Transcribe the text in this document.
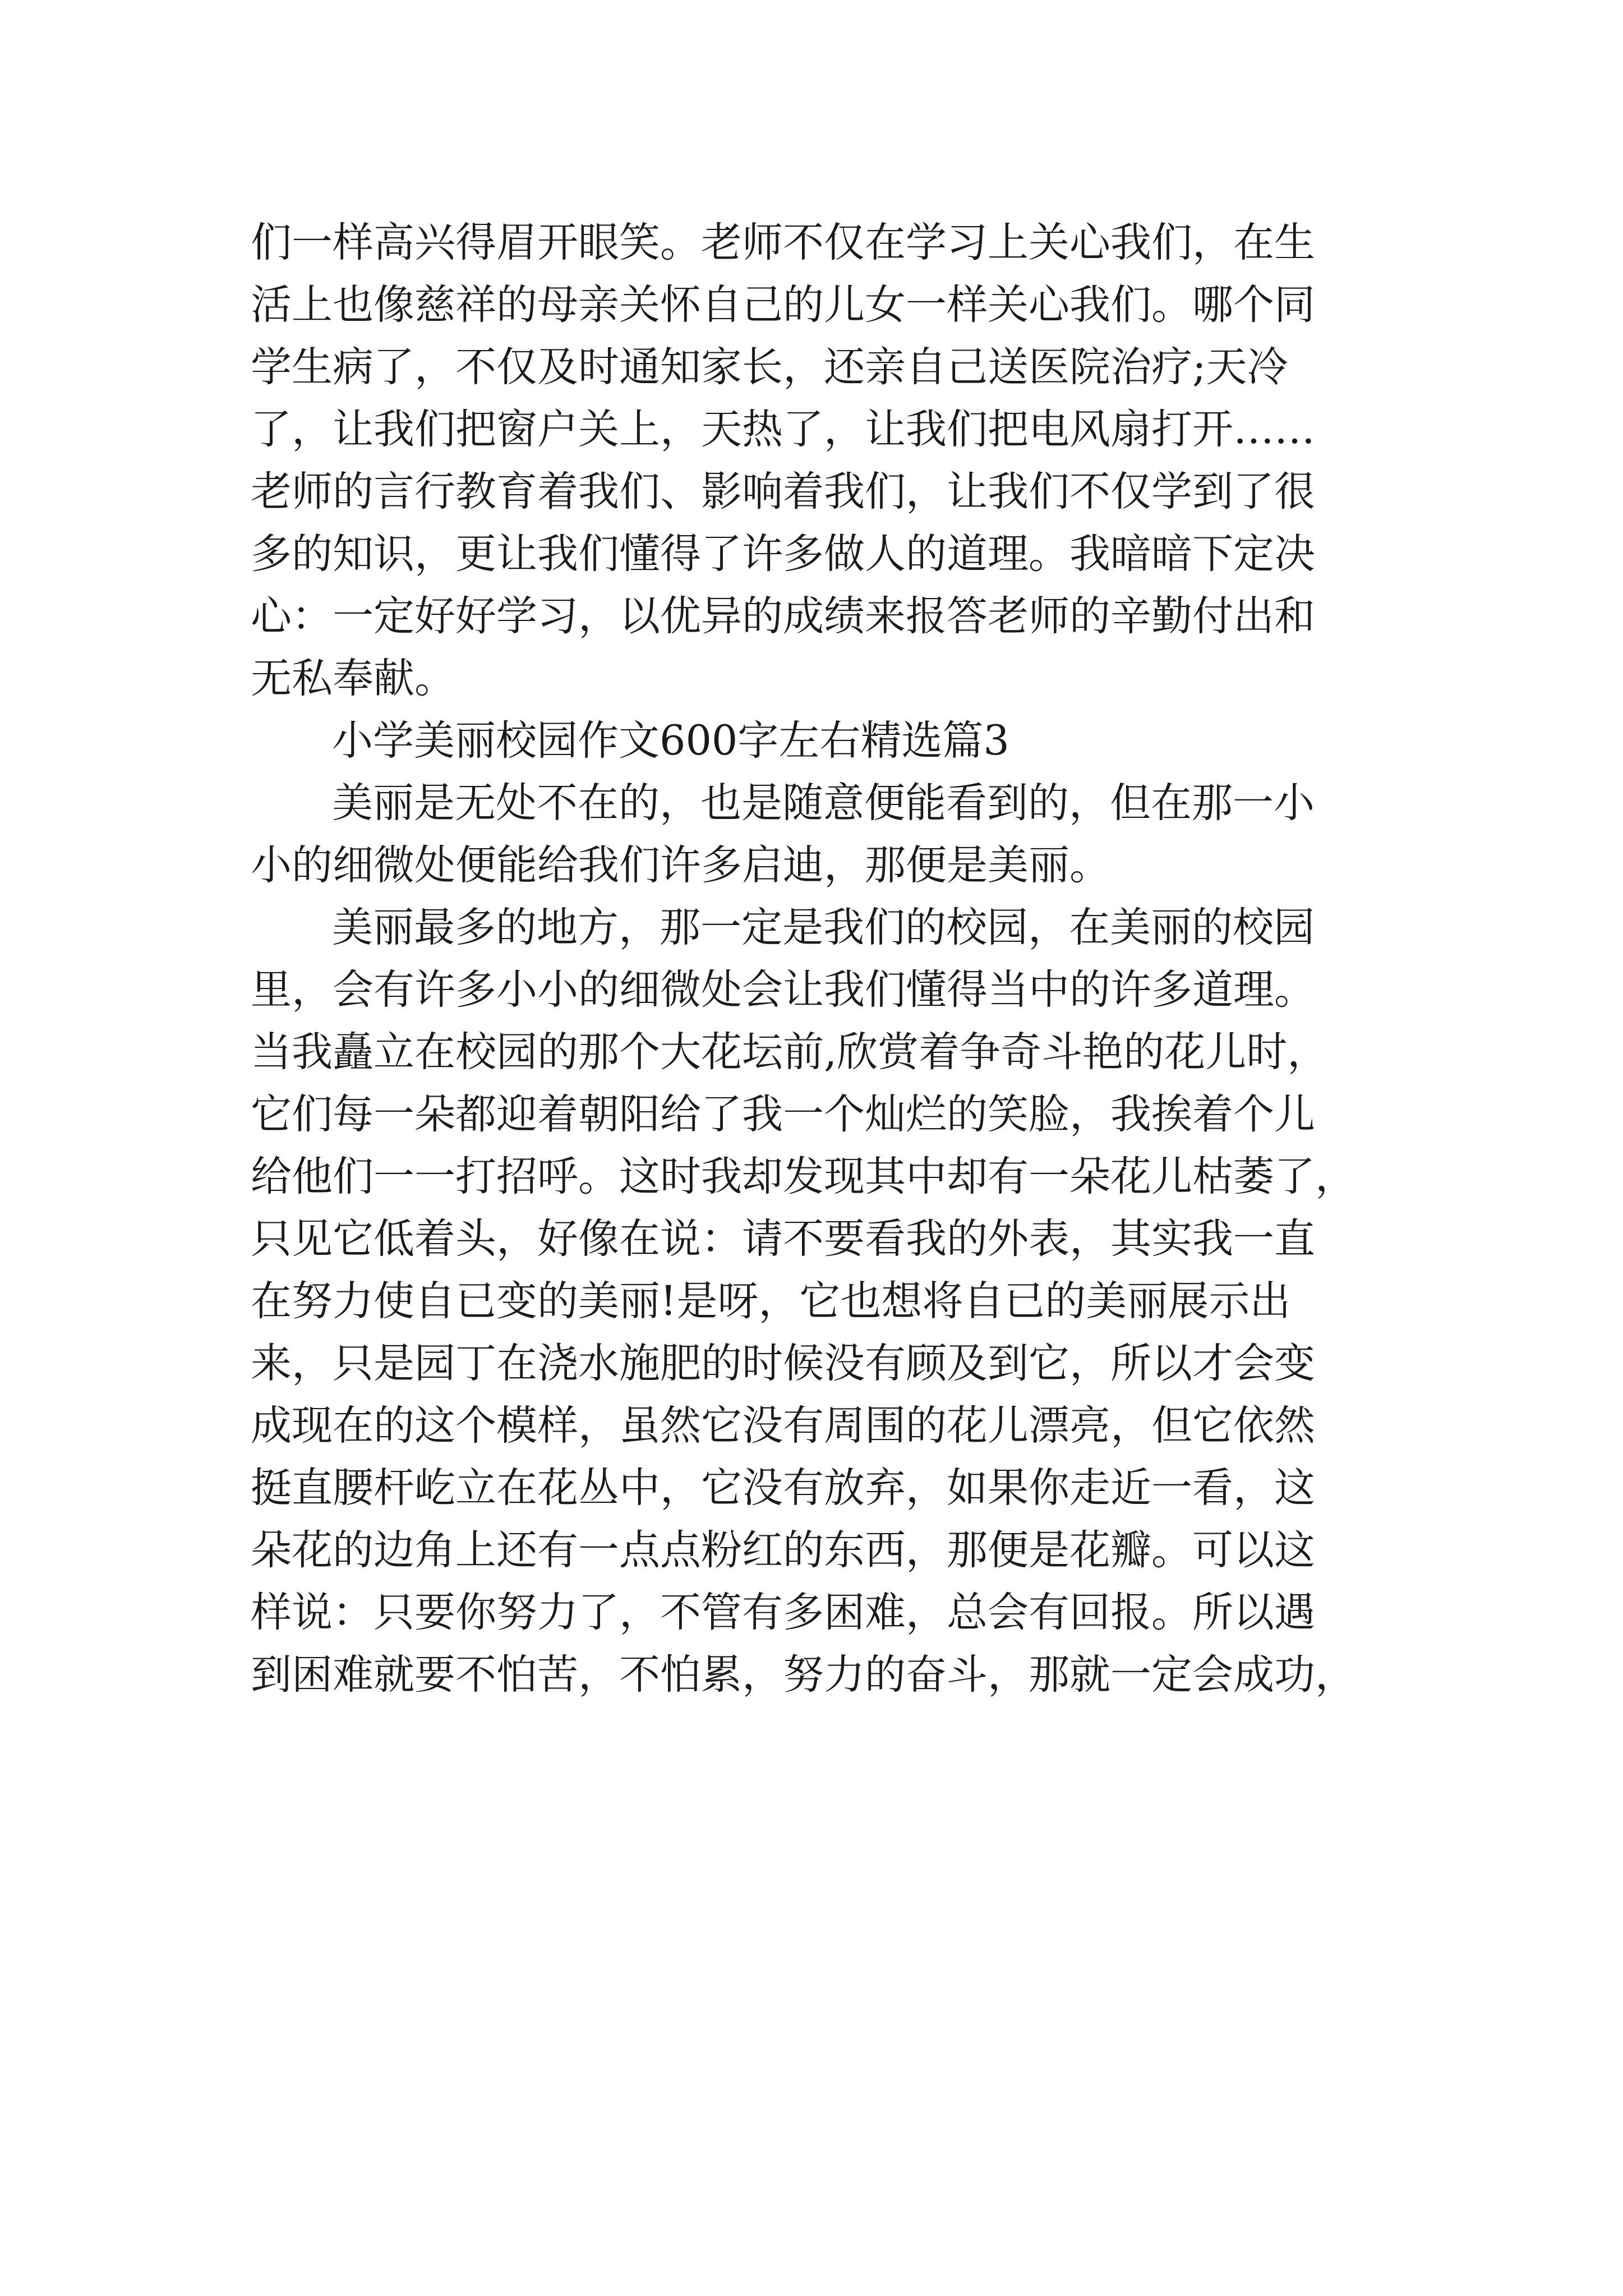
们一样高兴得眉开眼笑。老师不仅在学习上关心我们，在生
活上也像慈祥的母亲关怀自己的儿女一样关心我们。哪个同
学生病了，不仅及时通知家长，还亲自己送医院治疗;天冷
了，让我们把窗户关上，天热了，让我们把电风扇打开……
老师的言行教育着我们、影响着我们，让我们不仅学到了很
多的知识，更让我们懂得了许多做人的道理。我暗暗下定决
心：一定好好学习，以优异的成绩来报答老师的辛勤付出和
无私奉献。
小学美丽校园作文600字左右精选篇3
美丽是无处不在的，也是随意便能看到的，但在那一小
小的细微处便能给我们许多启迪，那便是美丽。
美丽最多的地方，那一定是我们的校园，在美丽的校园
里，会有许多小小的细微处会让我们懂得当中的许多道理。
当我矗立在校园的那个大花坛前,欣赏着争奇斗艳的花儿时，
它们每一朵都迎着朝阳给了我一个灿烂的笑脸，我挨着个儿
给他们一一打招呼。这时我却发现其中却有一朵花儿枯萎了，
只见它低着头，好像在说：请不要看我的外表，其实我一直
在努力使自已变的美丽!是呀，它也想将自已的美丽展示出
来，只是园丁在浇水施肥的时候没有顾及到它，所以才会变
成现在的这个模样，虽然它没有周围的花儿漂亮，但它依然
挺直腰杆屹立在花丛中，它没有放弃，如果你走近一看，这
朵花的边角上还有一点点粉红的东西，那便是花瓣。可以这
样说：只要你努力了，不管有多困难，总会有回报。所以遇
到困难就要不怕苦，不怕累，努力的奋斗，那就一定会成功，
